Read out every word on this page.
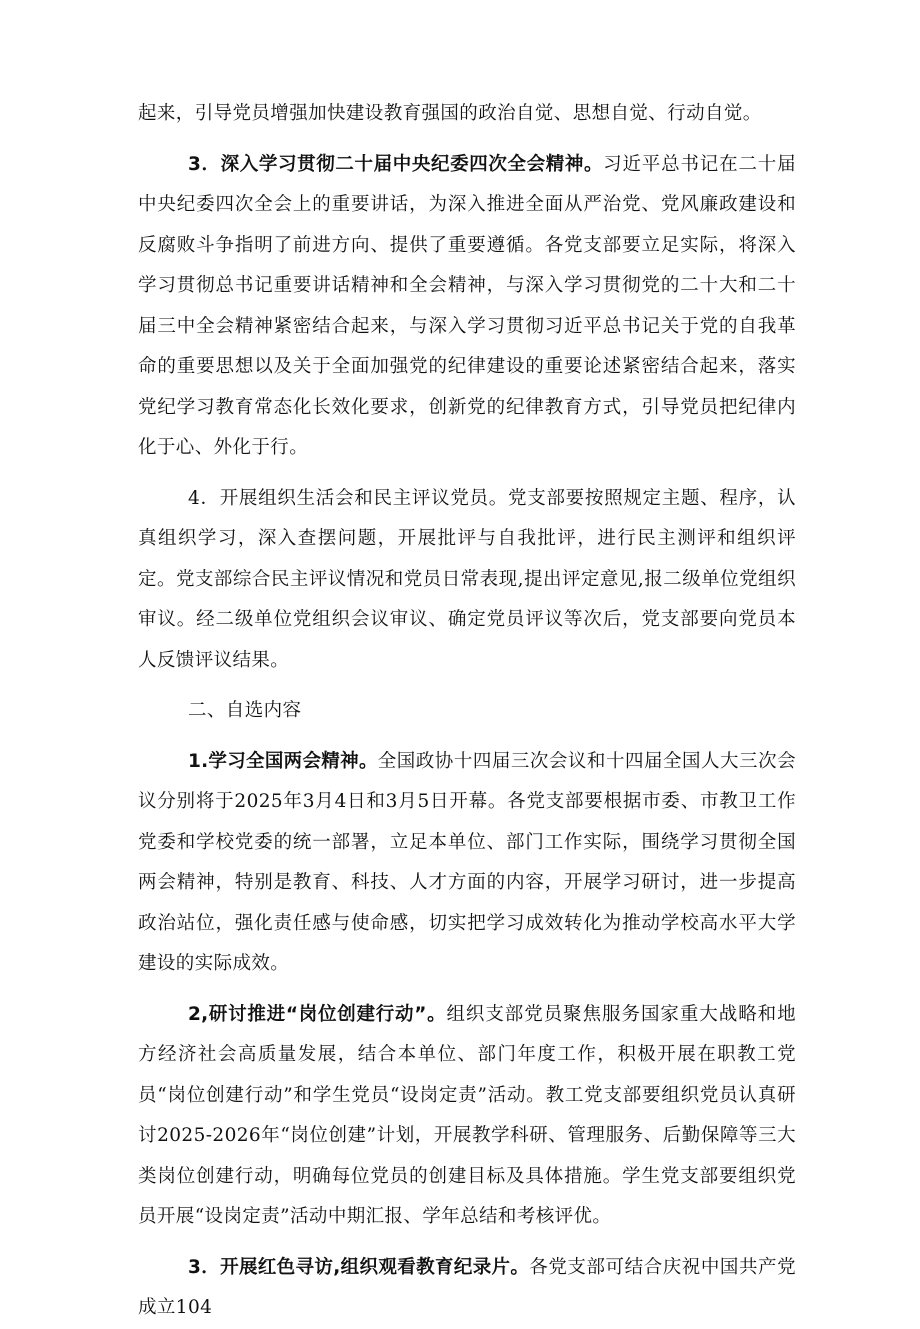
起来，引导党员增强加快建设教育强国的政治自觉、思想自觉、行动自觉。

3．深入学习贯彻二十届中央纪委四次全会精神。习近平总书记在二十届中央纪委四次全会上的重要讲话，为深入推进全面从严治党、党风廉政建设和反腐败斗争指明了前进方向、提供了重要遵循。各党支部要立足实际，将深入学习贯彻总书记重要讲话精神和全会精神，与深入学习贯彻党的二十大和二十届三中全会精神紧密结合起来，与深入学习贯彻习近平总书记关于党的自我革命的重要思想以及关于全面加强党的纪律建设的重要论述紧密结合起来，落实党纪学习教育常态化长效化要求，创新党的纪律教育方式，引导党员把纪律内化于心、外化于行。

4．开展组织生活会和民主评议党员。党支部要按照规定主题、程序，认真组织学习，深入查摆问题，开展批评与自我批评，进行民主测评和组织评定。党支部综合民主评议情况和党员日常表现,提出评定意见,报二级单位党组织审议。经二级单位党组织会议审议、确定党员评议等次后，党支部要向党员本人反馈评议结果。

二、自选内容

1.学习全国两会精神。全国政协十四届三次会议和十四届全国人大三次会议分别将于2025年3月4日和3月5日开幕。各党支部要根据市委、市教卫工作党委和学校党委的统一部署，立足本单位、部门工作实际，围绕学习贯彻全国两会精神，特别是教育、科技、人才方面的内容，开展学习研讨，进一步提高政治站位，强化责任感与使命感，切实把学习成效转化为推动学校高水平大学建设的实际成效。

2,研讨推进“岗位创建行动”。组织支部党员聚焦服务国家重大战略和地方经济社会高质量发展，结合本单位、部门年度工作，积极开展在职教工党员“岗位创建行动”和学生党员“设岗定责”活动。教工党支部要组织党员认真研讨2025-2026年“岗位创建”计划，开展教学科研、管理服务、后勤保障等三大类岗位创建行动，明确每位党员的创建目标及具体措施。学生党支部要组织党员开展“设岗定责”活动中期汇报、学年总结和考核评优。

3．开展红色寻访,组织观看教育纪录片。各党支部可结合庆祝中国共产党成立104
